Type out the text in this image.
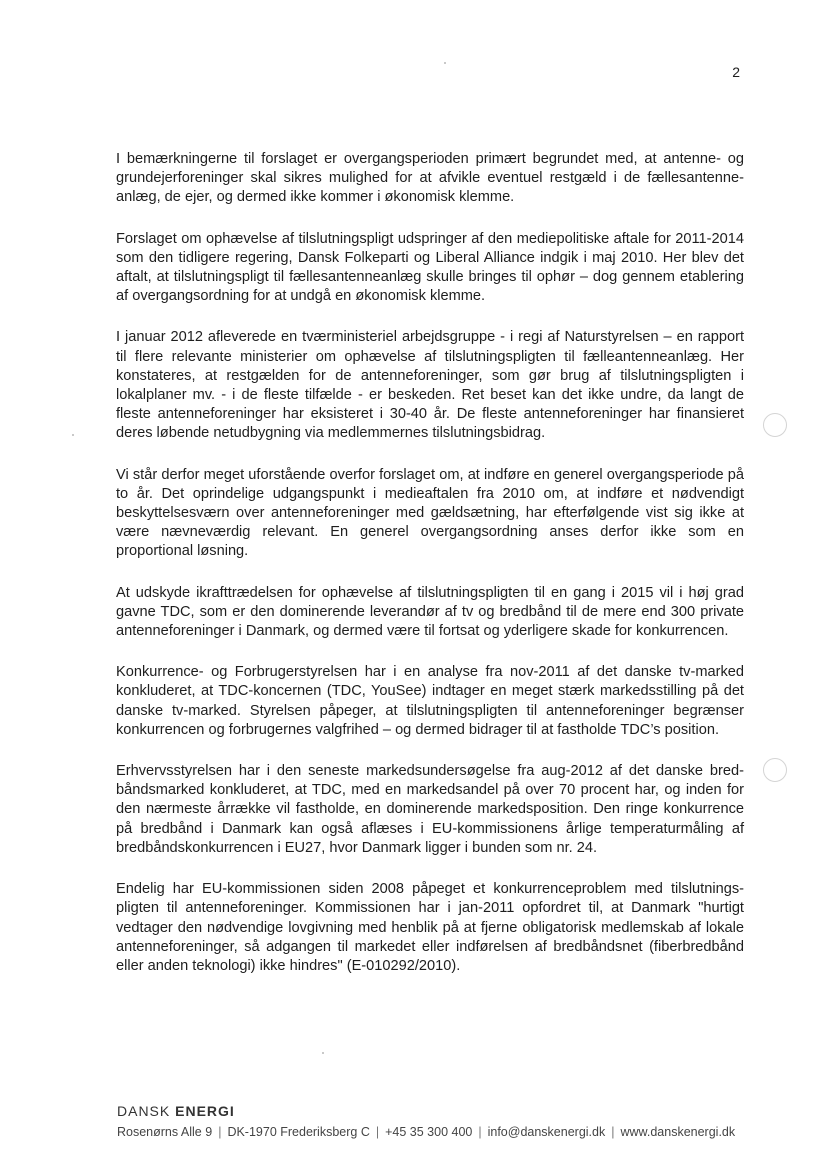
2

I bemærkningerne til forslaget er overgangsperioden primært begrundet med, at antenne- og grundejerforeninger skal sikres mulighed for at afvikle eventuel restgæld i de fællesantenneanlæg, de ejer, og dermed ikke kommer i økonomisk klemme.

Forslaget om ophævelse af tilslutningspligt udspringer af den mediepolitiske aftale for 2011-2014 som den tidligere regering, Dansk Folkeparti og Liberal Alliance indgik i maj 2010. Her blev det aftalt, at tilslutningspligt til fællesantenneanlæg skulle bringes til ophør – dog gennem etablering af overgangsordning for at undgå en økonomisk klemme.

I januar 2012 afleverede en tværministeriel arbejdsgruppe - i regi af Naturstyrelsen – en rapport til flere relevante ministerier om ophævelse af tilslutningspligten til fælleantenneanlæg. Her konstateres, at restgælden for de antenneforeninger, som gør brug af tilslutningspligten i lokalplaner mv. - i de fleste tilfælde - er beskeden. Ret beset kan det ikke undre, da langt de fleste antenneforeninger har eksisteret i 30-40 år. De fleste antenneforeninger har finansieret deres løbende netudbygning via medlemmernes tilslutningsbidrag.

Vi står derfor meget uforstående overfor forslaget om, at indføre en generel overgangsperiode på to år. Det oprindelige udgangspunkt i medieaftalen fra 2010 om, at indføre et nødvendigt beskyttelsesværn over antenneforeninger med gældsætning, har efterfølgende vist sig ikke at være nævneværdig relevant. En generel overgangsordning anses derfor ikke som en proportional løsning.

At udskyde ikrafttrædelsen for ophævelse af tilslutningspligten til en gang i 2015 vil i høj grad gavne TDC, som er den dominerende leverandør af tv og bredbånd til de mere end 300 private antenneforeninger i Danmark, og dermed være til fortsat og yderligere skade for konkurrencen.

Konkurrence- og Forbrugerstyrelsen har i en analyse fra nov-2011 af det danske tv-marked konkluderet, at TDC-koncernen (TDC, YouSee) indtager en meget stærk markedsstilling på det danske tv-marked. Styrelsen påpeger, at tilslutningspligten til antenneforeninger begrænser konkurrencen og forbrugernes valgfrihed – og dermed bidrager til at fastholde TDC’s position.

Erhvervsstyrelsen har i den seneste markedsundersøgelse fra aug-2012 af det danske bredbåndsmarked konkluderet, at TDC, med en markedsandel på over 70 procent har, og inden for den nærmeste årrække vil fastholde, en dominerende markedsposition. Den ringe konkurrence på bredbånd i Danmark kan også aflæses i EU-kommissionens årlige temperaturmåling af bredbåndskonkurrencen i EU27, hvor Danmark ligger i bunden som nr. 24.

Endelig har EU-kommissionen siden 2008 påpeget et konkurrenceproblem med tilslutningspligten til antenneforeninger. Kommissionen har i jan-2011 opfordret til, at Danmark "hurtigt vedtager den nødvendige lovgivning med henblik på at fjerne obligatorisk medlemskab af lokale antenneforeninger, så adgangen til markedet eller indførelsen af bredbåndsnet (fiberbredbånd eller anden teknologi) ikke hindres" (E-010292/2010).

DANSK ENERGI
Rosenørns Alle 9 | DK-1970 Frederiksberg C | +45 35 300 400 | info@danskenergi.dk | www.danskenergi.dk
